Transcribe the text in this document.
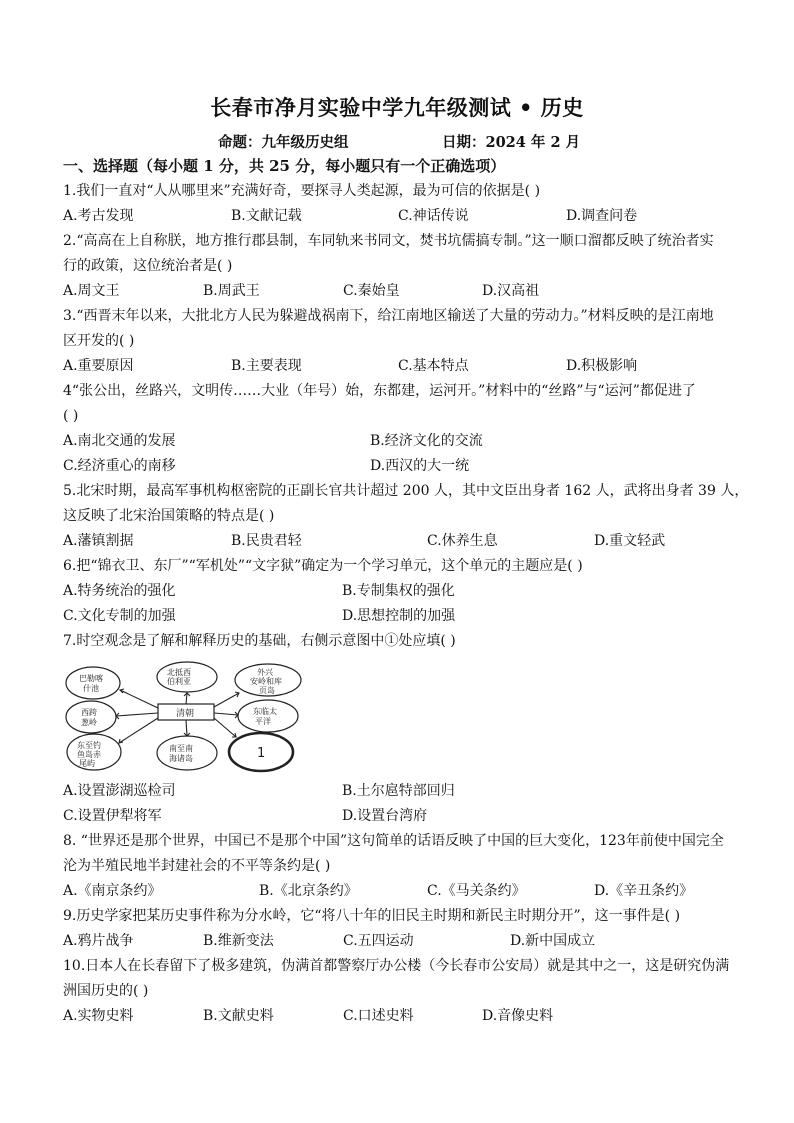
长春市净月实验中学九年级测试 • 历史
命题：九年级历史组	日期：2024 年 2 月
一、选择题（每小题 1 分，共 25 分，每小题只有一个正确选项）
1.我们一直对“人从哪里来”充满好奇，要探寻人类起源，最为可信的依据是( )
A.考古发现	B.文献记载	C.神话传说	D.调查问卷
2.“高高在上自称朕，地方推行郡县制，车同轨来书同文，焚书坑儒搞专制。”这一顺口溜都反映了统治者实
行的政策，这位统治者是( )
A.周文王	B.周武王	C.秦始皇	D.汉高祖
3.“西晋末年以来，大批北方人民为躲避战祸南下，给江南地区输送了大量的劳动力。”材料反映的是江南地
区开发的( )
A.重要原因	B.主要表现	C.基本特点	D.积极影响
4“张公出，丝路兴，文明传……大业（年号）始，东都建，运河开。”材料中的“丝路”与“运河”都促进了
( )
A.南北交通的发展	B.经济文化的交流
C.经济重心的南移	D.西汉的大一统
5.北宋时期，最高军事机构枢密院的正副长官共计超过 200 人，其中文臣出身者 162 人，武将出身者 39 人，
这反映了北宋治国策略的特点是( )
A.藩镇割据	B.民贵君轻	C.休养生息	D.重文轻武
6.把“锦衣卫、东厂”“军机处”“文字狱”确定为一个学习单元，这个单元的主题应是( )
A.特务统治的强化	B.专制集权的强化
C.文化专制的加强	D.思想控制的加强
7.时空观念是了解和解释历史的基础，右侧示意图中①处应填( )
清朝
巴勒喀什池
北抵西伯利亚
外兴安岭和库页岛
西跨葱岭
东临太平洋
东至钓鱼岛赤尾屿
南至南海诸岛	1
A.设置澎湖巡检司	B.土尔扈特部回归
C.设置伊犁将军	D.设置台湾府
8. “世界还是那个世界，中国已不是那个中国”这句简单的话语反映了中国的巨大变化，123年前使中国完全
沦为半殖民地半封建社会的不平等条约是( )
A.《南京条约》	B.《北京条约》	C.《马关条约》	D.《辛丑条约》
9.历史学家把某历史事件称为分水岭，它“将八十年的旧民主时期和新民主时期分开”，这一事件是( )
A.鸦片战争	B.维新变法	C.五四运动	D.新中国成立
10.日本人在长春留下了极多建筑，伪满首都警察厅办公楼（今长春市公安局）就是其中之一，这是研究伪满
洲国历史的( )
A.实物史料	B.文献史料	C.口述史料	D.音像史料
